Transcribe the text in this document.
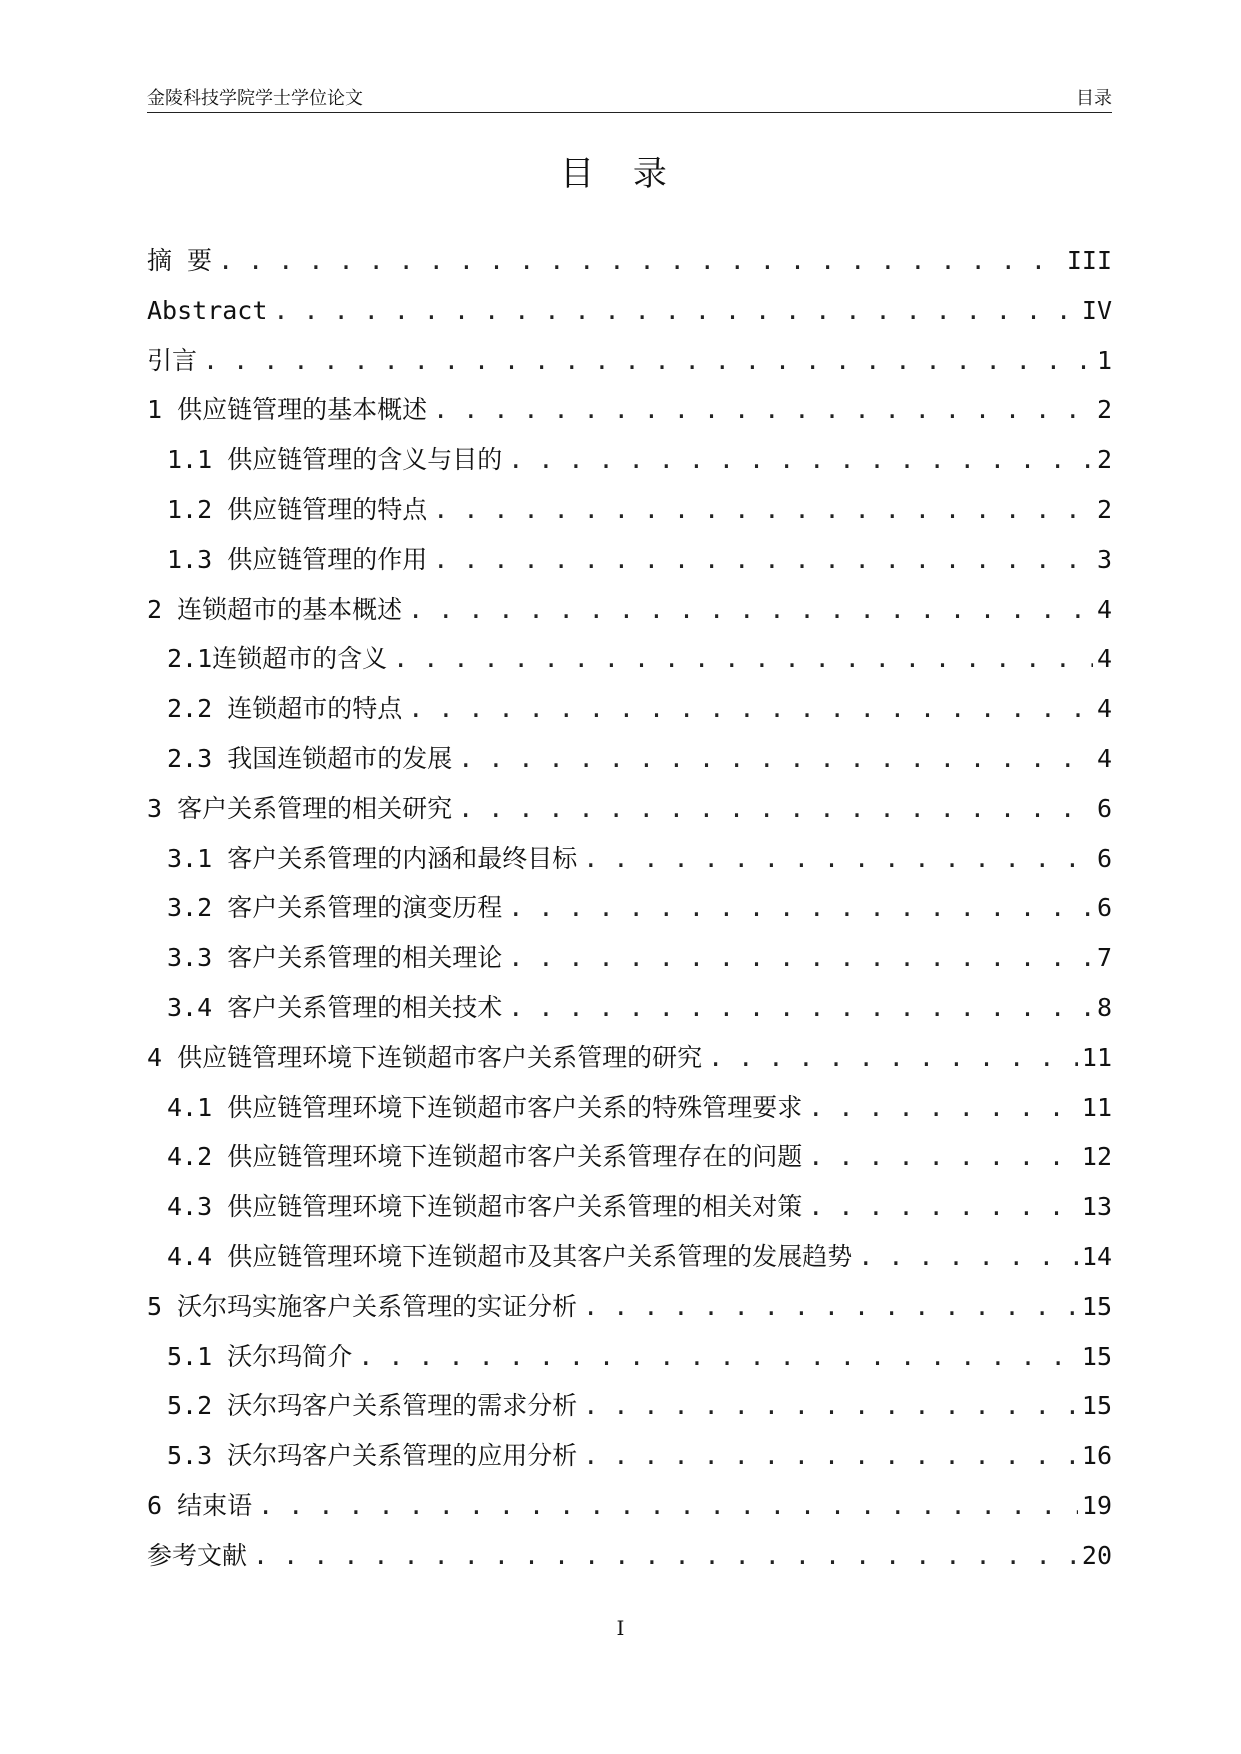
金陵科技学院学士学位论文	目录
目 录
摘 要 . . .	III
Abstract . . .	IV
引言 . . .	1
1 供应链管理的基本概述 . . .	2
1.1 供应链管理的含义与目的 . . .	2
1.2 供应链管理的特点 . . .	2
1.3 供应链管理的作用 . . .	3
2 连锁超市的基本概述 . . .	4
2.1连锁超市的含义 . . .	4
2.2 连锁超市的特点 . . .	4
2.3 我国连锁超市的发展 . . .	4
3 客户关系管理的相关研究 . . .	6
3.1 客户关系管理的内涵和最终目标 . . .	6
3.2 客户关系管理的演变历程 . . .	6
3.3 客户关系管理的相关理论 . . .	7
3.4 客户关系管理的相关技术 . . .	8
4 供应链管理环境下连锁超市客户关系管理的研究 . . .	11
4.1 供应链管理环境下连锁超市客户关系的特殊管理要求 . . .	11
4.2 供应链管理环境下连锁超市客户关系管理存在的问题 . . .	12
4.3 供应链管理环境下连锁超市客户关系管理的相关对策 . . .	13
4.4 供应链管理环境下连锁超市及其客户关系管理的发展趋势 . . .	14
5 沃尔玛实施客户关系管理的实证分析 . . .	15
5.1 沃尔玛简介 . . .	15
5.2 沃尔玛客户关系管理的需求分析 . . .	15
5.3 沃尔玛客户关系管理的应用分析 . . .	16
6 结束语 . . .	19
参考文献 . . .	20
I
